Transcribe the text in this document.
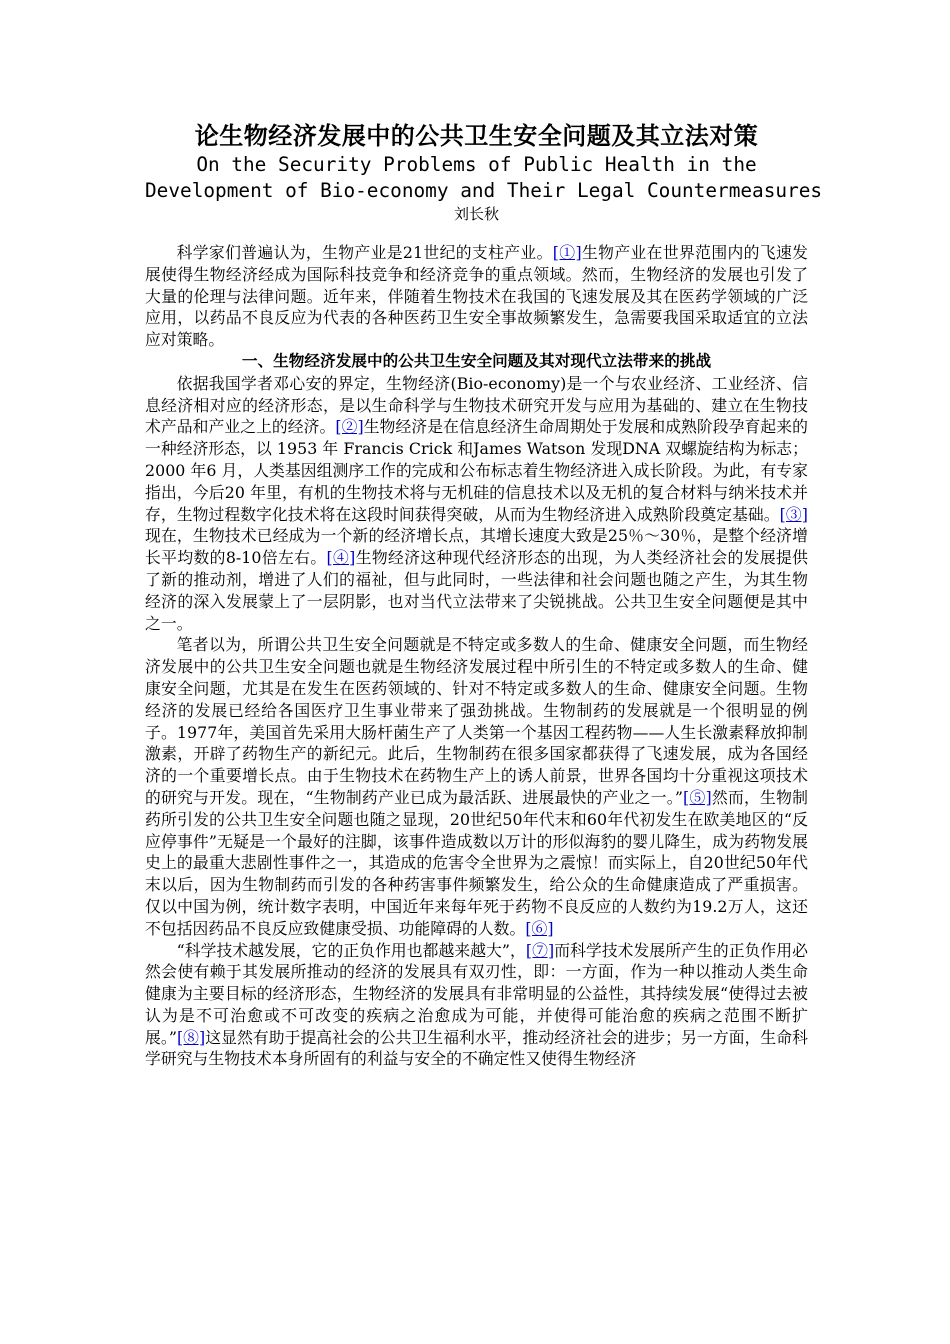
论生物经济发展中的公共卫生安全问题及其立法对策

On the Security Problems of Public Health in the

Development of Bio-economy and Their Legal Countermeasures

刘长秋

科学家们普遍认为，生物产业是21世纪的支柱产业。[①]生物产业在世界范围内的飞速发展使得生物经济经成为国际科技竞争和经济竞争的重点领域。然而，生物经济的发展也引发了大量的伦理与法律问题。近年来，伴随着生物技术在我国的飞速发展及其在医药学领域的广泛应用，以药品不良反应为代表的各种医药卫生安全事故频繁发生，急需要我国采取适宜的立法应对策略。

一、生物经济发展中的公共卫生安全问题及其对现代立法带来的挑战

依据我国学者邓心安的界定，生物经济(Bio-economy)是一个与农业经济、工业经济、信息经济相对应的经济形态，是以生命科学与生物技术研究开发与应用为基础的、建立在生物技术产品和产业之上的经济。[②]生物经济是在信息经济生命周期处于发展和成熟阶段孕育起来的一种经济形态，以 1953 年 Francis Crick 和James Watson 发现DNA 双螺旋结构为标志；2000 年6 月，人类基因组测序工作的完成和公布标志着生物经济进入成长阶段。为此，有专家指出，今后20 年里，有机的生物技术将与无机硅的信息技术以及无机的复合材料与纳米技术并存，生物过程数字化技术将在这段时间获得突破，从而为生物经济进入成熟阶段奠定基础。[③]现在，生物技术已经成为一个新的经济增长点，其增长速度大致是25％～30％，是整个经济增长平均数的8-10倍左右。[④]生物经济这种现代经济形态的出现，为人类经济社会的发展提供了新的推动剂，增进了人们的福祉，但与此同时，一些法律和社会问题也随之产生，为其生物经济的深入发展蒙上了一层阴影，也对当代立法带来了尖锐挑战。公共卫生安全问题便是其中之一。

笔者以为，所谓公共卫生安全问题就是不特定或多数人的生命、健康安全问题，而生物经济发展中的公共卫生安全问题也就是生物经济发展过程中所引生的不特定或多数人的生命、健康安全问题，尤其是在发生在医药领域的、针对不特定或多数人的生命、健康安全问题。生物经济的发展已经给各国医疗卫生事业带来了强劲挑战。生物制药的发展就是一个很明显的例子。1977年，美国首先采用大肠杆菌生产了人类第一个基因工程药物——人生长激素释放抑制激素，开辟了药物生产的新纪元。此后，生物制药在很多国家都获得了飞速发展，成为各国经济的一个重要增长点。由于生物技术在药物生产上的诱人前景，世界各国均十分重视这项技术的研究与开发。现在，“生物制药产业已成为最活跃、进展最快的产业之一。”[⑤]然而，生物制药所引发的公共卫生安全问题也随之显现，20世纪50年代末和60年代初发生在欧美地区的“反应停事件”无疑是一个最好的注脚，该事件造成数以万计的形似海豹的婴儿降生，成为药物发展史上的最重大悲剧性事件之一，其造成的危害令全世界为之震惊！而实际上，自20世纪50年代末以后，因为生物制药而引发的各种药害事件频繁发生，给公众的生命健康造成了严重损害。仅以中国为例，统计数字表明，中国近年来每年死于药物不良反应的人数约为19.2万人，这还不包括因药品不良反应致健康受损、功能障碍的人数。[⑥]

“科学技术越发展，它的正负作用也都越来越大”，[⑦]而科学技术发展所产生的正负作用必然会使有赖于其发展所推动的经济的发展具有双刃性，即：一方面，作为一种以推动人类生命健康为主要目标的经济形态，生物经济的发展具有非常明显的公益性，其持续发展“使得过去被认为是不可治愈或不可改变的疾病之治愈成为可能，并使得可能治愈的疾病之范围不断扩展。”[⑧]这显然有助于提高社会的公共卫生福利水平，推动经济社会的进步；另一方面，生命科学研究与生物技术本身所固有的利益与安全的不确定性又使得生物经济
